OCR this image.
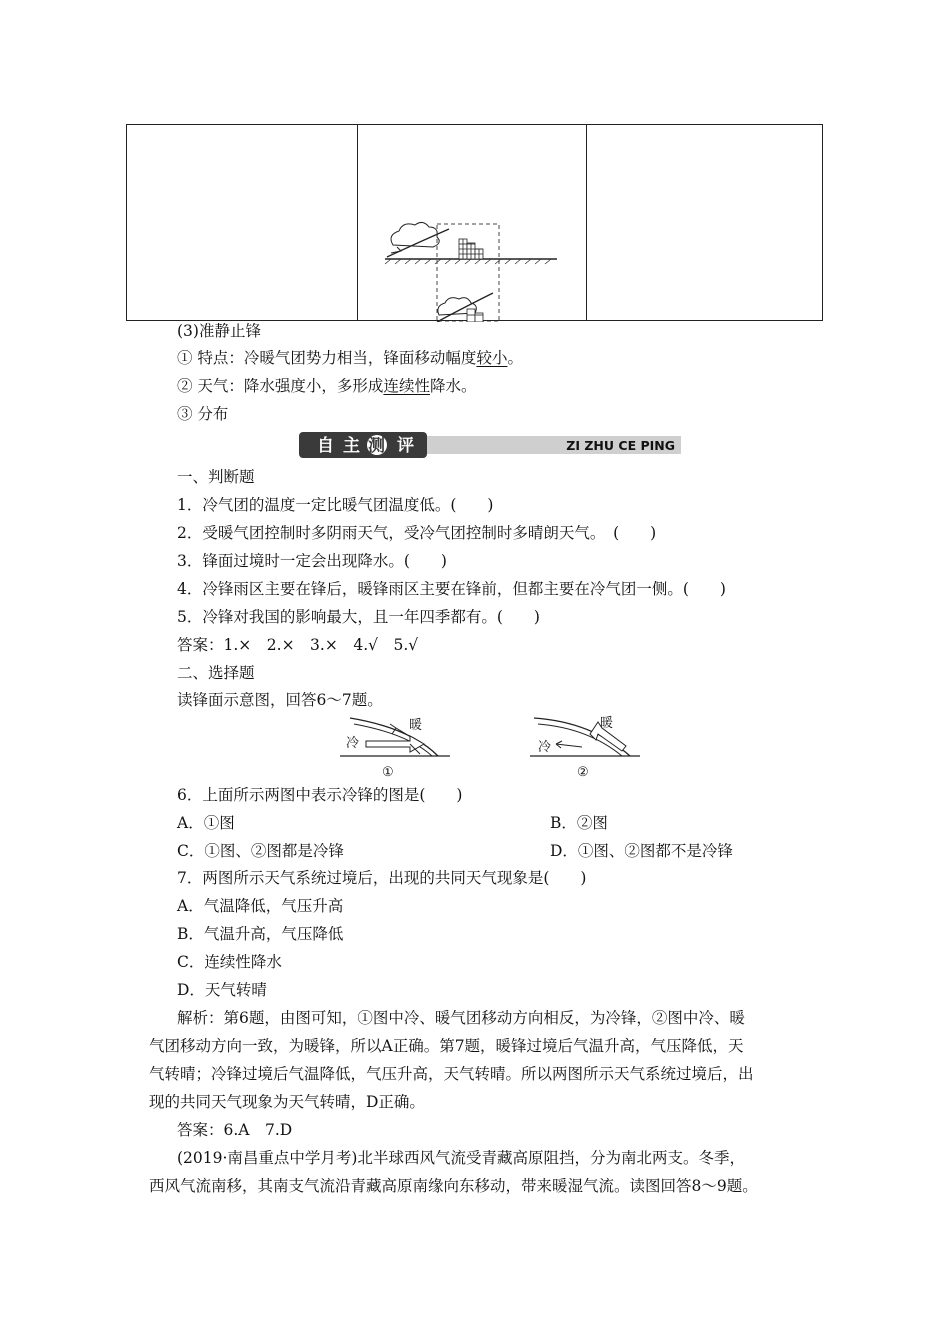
(3)准静止锋
① 特点：冷暖气团势力相当，锋面移动幅度较小。
② 天气：降水强度小，多形成连续性降水。
③ 分布
自 主 测 评	ZI ZHU CE PING
一、判断题
1．冷气团的温度一定比暖气团温度低。(　　)
2．受暖气团控制时多阴雨天气，受冷气团控制时多晴朗天气。　(　　)
3．锋面过境时一定会出现降水。(　　)
4．冷锋雨区主要在锋后，暖锋雨区主要在锋前，但都主要在冷气团一侧。(　　)
5．冷锋对我国的影响最大，且一年四季都有。(　　)
答案：1.×　2.×　3.×　4.√　5.√
二、选择题
读锋面示意图，回答6～7题。
冷
暖
①
冷
暖
②
6．上面所示两图中表示冷锋的图是(　　)
A．①图	B．②图
C．①图、②图都是冷锋	D．①图、②图都不是冷锋
7．两图所示天气系统过境后，出现的共同天气现象是(　　)
A．气温降低，气压升高
B．气温升高，气压降低
C．连续性降水
D．天气转晴
解析：第6题，由图可知，①图中冷、暖气团移动方向相反，为冷锋，②图中冷、暖
气团移动方向一致，为暖锋，所以A正确。第7题，暖锋过境后气温升高，气压降低，天
气转晴；冷锋过境后气温降低，气压升高，天气转晴。所以两图所示天气系统过境后，出
现的共同天气现象为天气转晴，D正确。
答案：6.A　7.D
(2019·南昌重点中学月考)北半球西风气流受青藏高原阻挡，分为南北两支。冬季，
西风气流南移，其南支气流沿青藏高原南缘向东移动，带来暖湿气流。读图回答8～9题。
